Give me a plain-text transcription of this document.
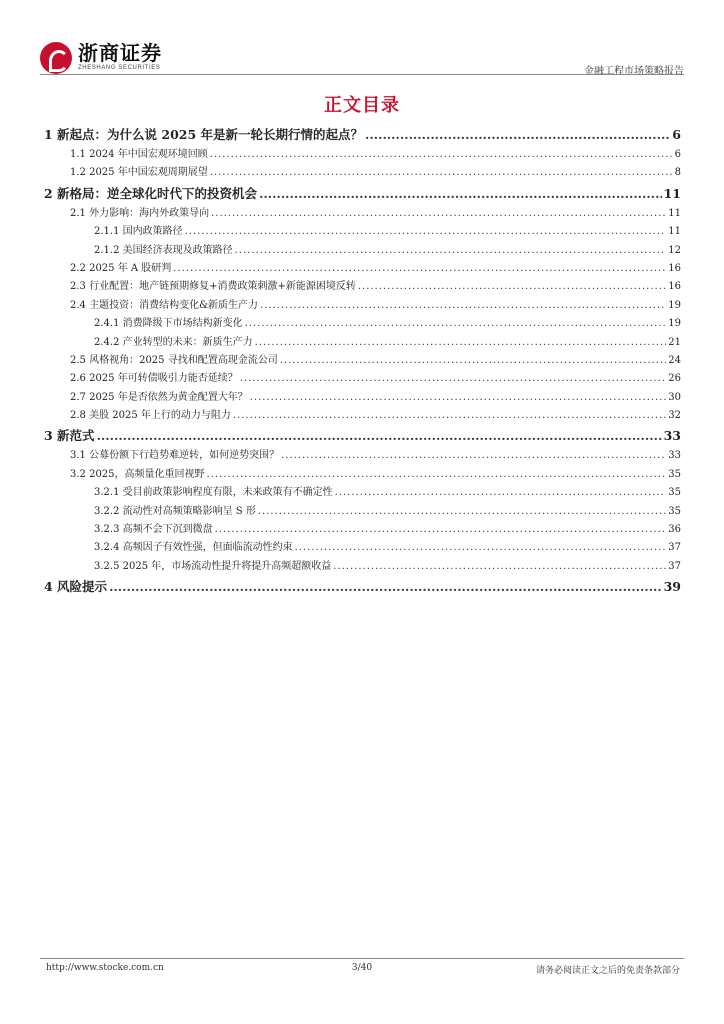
浙商证券
ZHESHANG SECURITIES	金融工程市场策略报告
正文目录
1 新起点：为什么说 2025 年是新一轮长期行情的起点？ .....	6
1.1 2024 年中国宏观环境回顾 .....	6
1.2 2025 年中国宏观周期展望 .....	8
2 新格局：逆全球化时代下的投资机会 .....	11
2.1 外力影响：海内外政策导向 .....	11
2.1.1 国内政策路径 .....	11
2.1.2 美国经济表现及政策路径 .....	12
2.2 2025 年 A 股研判 .....	16
2.3 行业配置：地产链预期修复+消费政策刺激+新能源困境反转 .....	16
2.4 主题投资：消费结构变化&新质生产力 .....	19
2.4.1 消费降级下市场结构新变化 .....	19
2.4.2 产业转型的未来：新质生产力 .....	21
2.5 风格视角：2025 寻找和配置高现金流公司 .....	24
2.6 2025 年可转债吸引力能否延续？ .....	26
2.7 2025 年是否依然为黄金配置大年？ .....	30
2.8 美股 2025 年上行的动力与阻力 .....	32
3 新范式 .....	33
3.1 公募份额下行趋势难逆转，如何逆势突围？ .....	33
3.2 2025，高频量化重回视野 .....	35
3.2.1 受目前政策影响程度有限，未来政策有不确定性 .....	35
3.2.2 流动性对高频策略影响呈 S 形 .....	35
3.2.3 高频不会下沉到微盘 .....	36
3.2.4 高频因子有效性强，但面临流动性约束 .....	37
3.2.5 2025 年，市场流动性提升将提升高频超额收益 .....	37
4 风险提示 .....	39
http://www.stocke.com.cn	3/40	请务必阅读正文之后的免责条款部分
